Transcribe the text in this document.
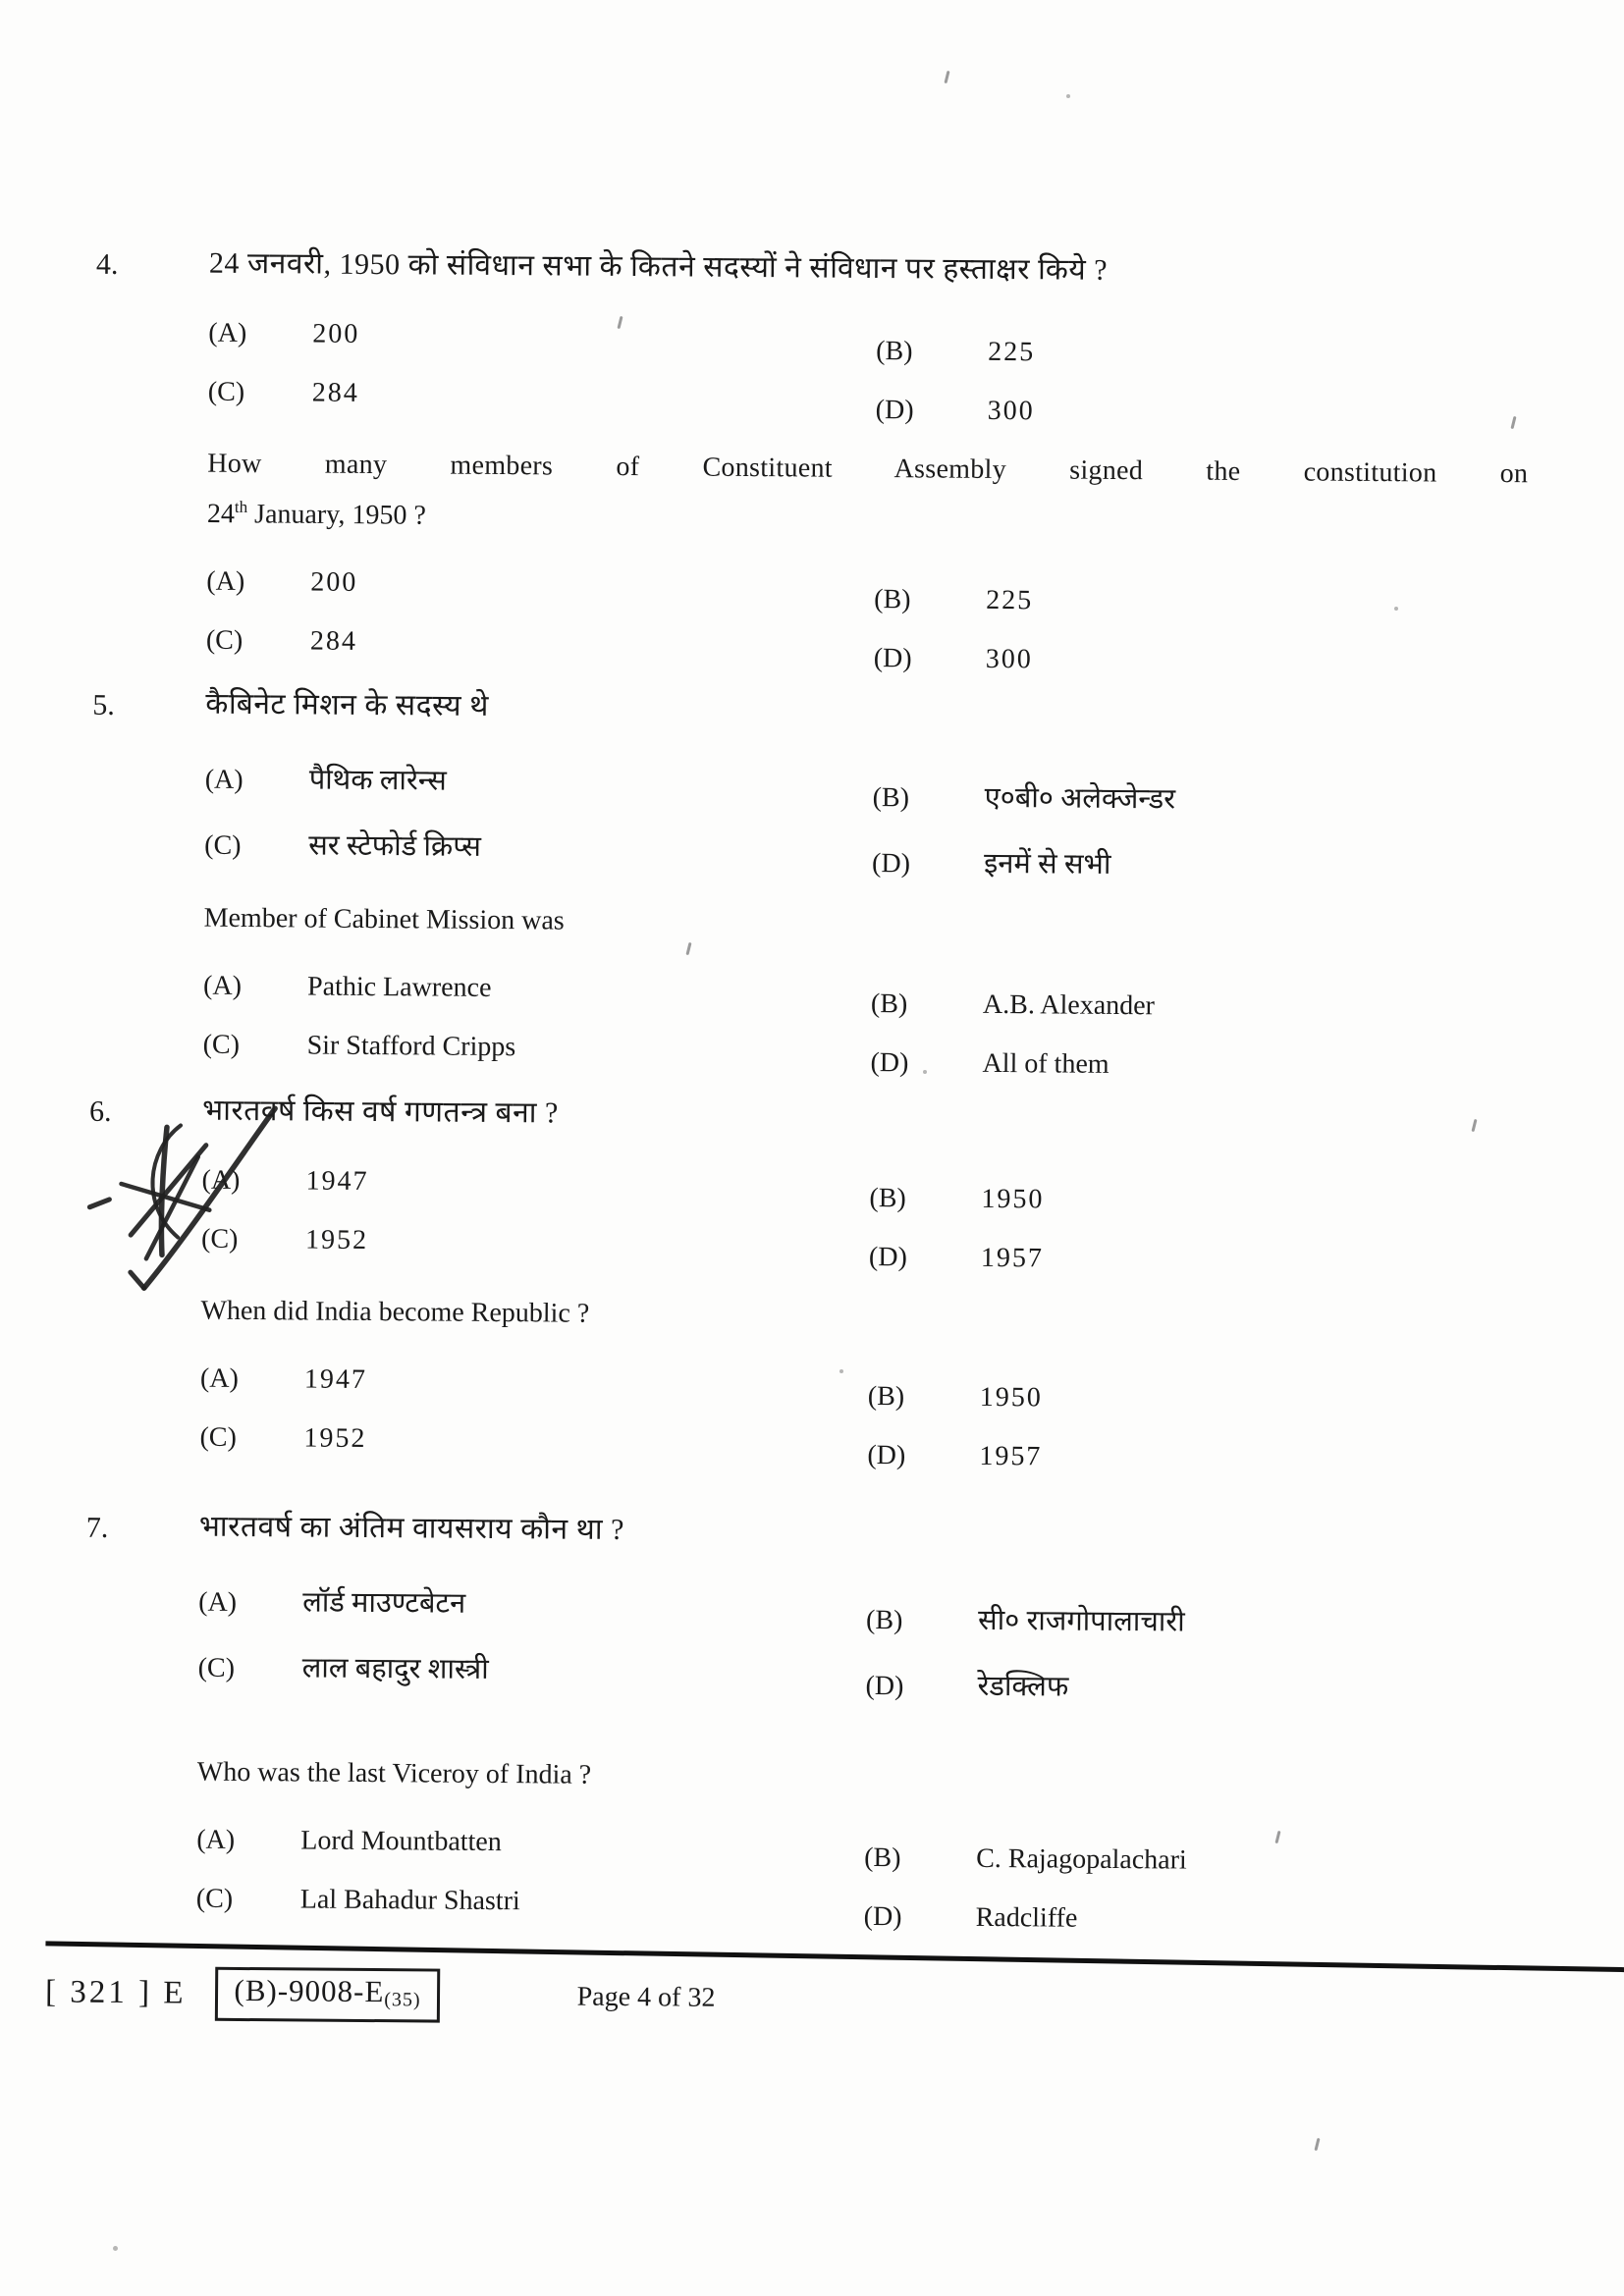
4.	24 जनवरी, 1950 को संविधान सभा के कितने सदस्यों ने संविधान पर हस्ताक्षर किये ?
(A)	200
(B)	225
(C)	284
(D)	300
How many members of Constituent Assembly signed the constitution on
24th January, 1950 ?
(A)	200
(B)	225
(C)	284
(D)	300
5.	कैबिनेट मिशन के सदस्य थे
(A)	पैथिक लारेन्स
(B)	ए०बी० अलेक्जेन्डर
(C)	सर स्टेफोर्ड क्रिप्स
(D)	इनमें से सभी
Member of Cabinet Mission was
(A)	Pathic Lawrence
(B)	A.B. Alexander
(C)	Sir Stafford Cripps
(D)	All of them
6.	भारतवर्ष किस वर्ष गणतन्त्र बना ?
(A)	1947
(B)	1950
(C)	1952
(D)	1957
When did India become Republic ?
(A)	1947
(B)	1950
(C)	1952
(D)	1957
7.	भारतवर्ष का अंतिम वायसराय कौन था ?
(A)	लॉर्ड माउण्टबेटन
(B)	सी० राजगोपालाचारी
(C)	लाल बहादुर शास्त्री
(D)	रेडक्लिफ
Who was the last Viceroy of India ?
(A)	Lord Mountbatten
(B)	C. Rajagopalachari
(C)	Lal Bahadur Shastri
(D)	Radcliffe
[ 321 ] E	(B)-9008-E(35)	Page 4 of 32
